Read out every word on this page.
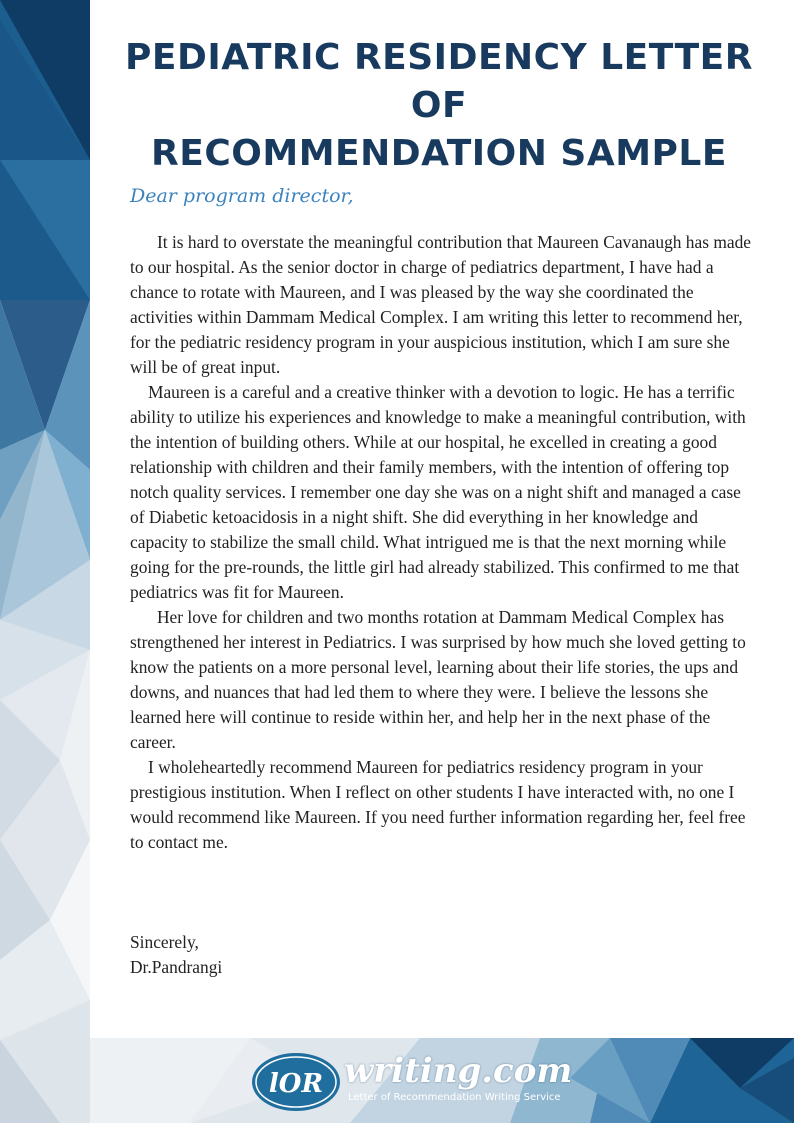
PEDIATRIC RESIDENCY LETTER OF
RECOMMENDATION SAMPLE

Dear program director,

It is hard to overstate the meaningful contribution that Maureen Cavanaugh has made to our hospital. As the senior doctor in charge of pediatrics department, I have had a chance to rotate with Maureen, and I was pleased by the way she coordinated the activities within Dammam Medical Complex. I am writing this letter to recommend her, for the pediatric residency program in your auspicious institution, which I am sure she will be of great input.

Maureen is a careful and a creative thinker with a devotion to logic. He has a terrific ability to utilize his experiences and knowledge to make a meaningful contribution, with the intention of building others. While at our hospital, he excelled in creating a good relationship with children and their family members, with the intention of offering top notch quality services. I remember one day she was on a night shift and managed a case of Diabetic ketoacidosis in a night shift. She did everything in her knowledge and capacity to stabilize the small child. What intrigued me is that the next morning while going for the pre-rounds, the little girl had already stabilized. This confirmed to me that pediatrics was fit for Maureen.

Her love for children and two months rotation at Dammam Medical Complex has strengthened her interest in Pediatrics. I was surprised by how much she loved getting to know the patients on a more personal level, learning about their life stories, the ups and downs, and nuances that had led them to where they were. I believe the lessons she learned here will continue to reside within her, and help her in the next phase of the career.

I wholeheartedly recommend Maureen for pediatrics residency program in your prestigious institution. When I reflect on other students I have interacted with, no one I would recommend like Maureen. If you need further information regarding her, feel free to contact me.

Sincerely,
Dr.Pandrangi
lOR writing.com
Letter of Recommendation Writing Service
